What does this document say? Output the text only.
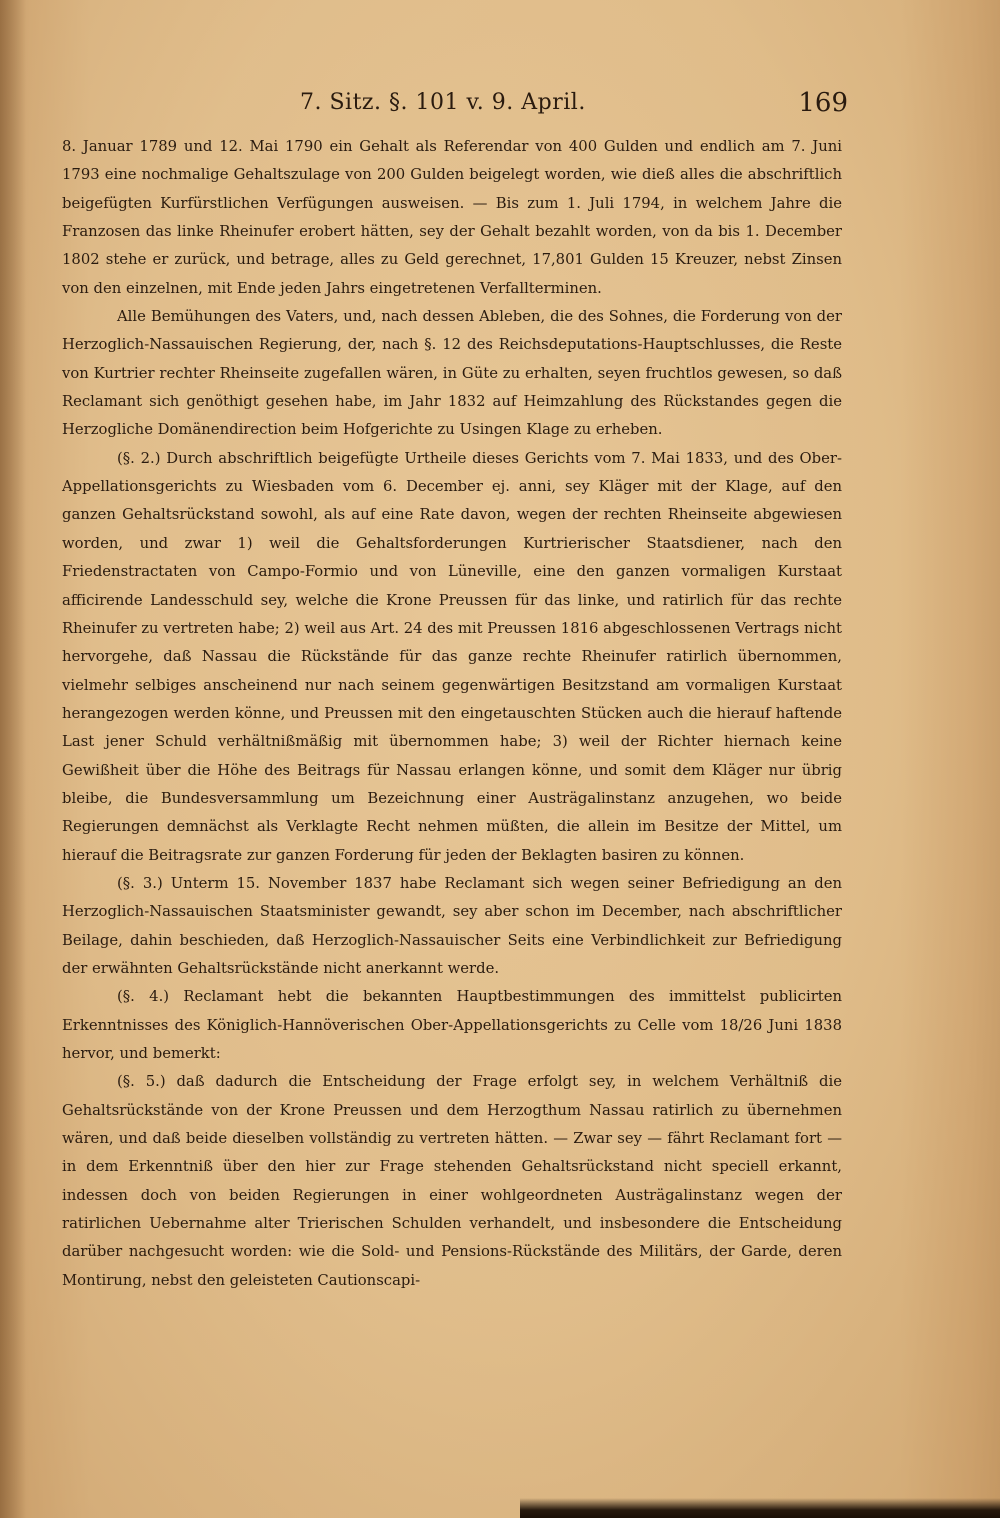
7. Sitz. §. 101 v. 9. April.	169

8. Januar 1789 und 12. Mai 1790 ein Gehalt als Referendar von 400 Gulden und endlich am 7. Juni 1793 eine nochmalige Gehaltszulage von 200 Gulden beigelegt worden, wie dieß alles die abschriftlich beigefügten Kurfürstlichen Verfügungen ausweisen. — Bis zum 1. Juli 1794, in welchem Jahre die Franzosen das linke Rheinufer erobert hätten, sey der Gehalt bezahlt worden, von da bis 1. December 1802 stehe er zurück, und betrage, alles zu Geld gerechnet, 17,801 Gulden 15 Kreuzer, nebst Zinsen von den einzelnen, mit Ende jeden Jahrs eingetretenen Verfallterminen.

Alle Bemühungen des Vaters, und, nach dessen Ableben, die des Sohnes, die Forderung von der Herzoglich-Nassauischen Regierung, der, nach §. 12 des Reichsdeputations-Hauptschlusses, die Reste von Kurtrier rechter Rheinseite zugefallen wären, in Güte zu erhalten, seyen fruchtlos gewesen, so daß Reclamant sich genöthigt gesehen habe, im Jahr 1832 auf Heimzahlung des Rückstandes gegen die Herzogliche Domänendirection beim Hofgerichte zu Usingen Klage zu erheben.

(§. 2.) Durch abschriftlich beigefügte Urtheile dieses Gerichts vom 7. Mai 1833, und des Ober-Appellationsgerichts zu Wiesbaden vom 6. December ej. anni, sey Kläger mit der Klage, auf den ganzen Gehaltsrückstand sowohl, als auf eine Rate davon, wegen der rechten Rheinseite abgewiesen worden, und zwar 1) weil die Gehaltsforderungen Kurtrierischer Staatsdiener, nach den Friedenstractaten von Campo-Formio und von Lüneville, eine den ganzen vormaligen Kurstaat afficirende Landesschuld sey, welche die Krone Preussen für das linke, und ratirlich für das rechte Rheinufer zu vertreten habe; 2) weil aus Art. 24 des mit Preussen 1816 abgeschlossenen Vertrags nicht hervorgehe, daß Nassau die Rückstände für das ganze rechte Rheinufer ratirlich übernommen, vielmehr selbiges anscheinend nur nach seinem gegenwärtigen Besitzstand am vormaligen Kurstaat herangezogen werden könne, und Preussen mit den eingetauschten Stücken auch die hierauf haftende Last jener Schuld verhältnißmäßig mit übernommen habe; 3) weil der Richter hiernach keine Gewißheit über die Höhe des Beitrags für Nassau erlangen könne, und somit dem Kläger nur übrig bleibe, die Bundesversammlung um Bezeichnung einer Austrägalinstanz anzugehen, wo beide Regierungen demnächst als Verklagte Recht nehmen müßten, die allein im Besitze der Mittel, um hierauf die Beitragsrate zur ganzen Forderung für jeden der Beklagten basiren zu können.

(§. 3.) Unterm 15. November 1837 habe Reclamant sich wegen seiner Befriedigung an den Herzoglich-Nassauischen Staatsminister gewandt, sey aber schon im December, nach abschriftlicher Beilage, dahin beschieden, daß Herzoglich-Nassauischer Seits eine Verbindlichkeit zur Befriedigung der erwähnten Gehaltsrückstände nicht anerkannt werde.

(§. 4.) Reclamant hebt die bekannten Hauptbestimmungen des immittelst publicirten Erkenntnisses des Königlich-Hannöverischen Ober-Appellationsgerichts zu Celle vom 18/26 Juni 1838 hervor, und bemerkt:

(§. 5.) daß dadurch die Entscheidung der Frage erfolgt sey, in welchem Verhältniß die Gehaltsrückstände von der Krone Preussen und dem Herzogthum Nassau ratirlich zu übernehmen wären, und daß beide dieselben vollständig zu vertreten hätten. — Zwar sey — fährt Reclamant fort — in dem Erkenntniß über den hier zur Frage stehenden Gehaltsrückstand nicht speciell erkannt, indessen doch von beiden Regierungen in einer wohlgeordneten Austrägalinstanz wegen der ratirlichen Uebernahme alter Trierischen Schulden verhandelt, und insbesondere die Entscheidung darüber nachgesucht worden: wie die Sold- und Pensions-Rückstände des Militärs, der Garde, deren Montirung, nebst den geleisteten Cautionscapi-
